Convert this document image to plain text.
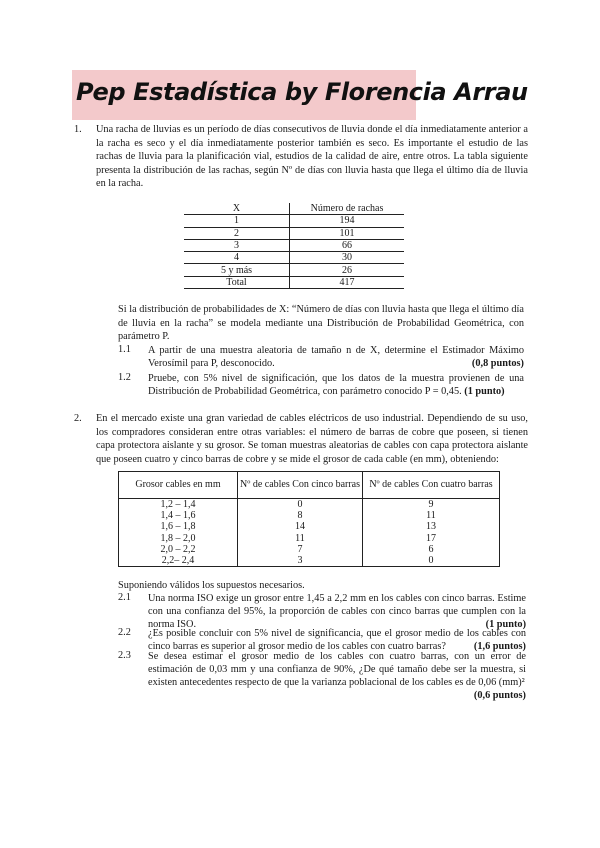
Pep Estadística by Florencia Arrau
1. Una racha de lluvias es un período de días consecutivos de lluvia donde el día inmediatamente anterior a la racha es seco y el día inmediatamente posterior también es seco. Es importante el estudio de las rachas de lluvia para la planificación vial, estudios de la calidad de aire, entre otros. La tabla siguiente presenta la distribución de las rachas, según Nº de días con lluvia hasta que llega el último día de lluvia en la racha.
X	Número de rachas
1	194
2	101
3	66
4	30
5 y más	26
Total	417
Si la distribución de probabilidades de X: “Número de días con lluvia hasta que llega el último día de lluvia en la racha” se modela mediante una Distribución de Probabilidad Geométrica, con parámetro P.
1.1 A partir de una muestra aleatoria de tamaño n de X, determine el Estimador Máximo Verosímil para P, desconocido.	(0,8 puntos)
1.2 Pruebe, con 5% nivel de significación, que los datos de la muestra provienen de una Distribución de Probabilidad Geométrica, con parámetro conocido P = 0,45. (1 punto)
2. En el mercado existe una gran variedad de cables eléctricos de uso industrial. Dependiendo de su uso, los compradores consideran entre otras variables: el número de barras de cobre que poseen, si tienen capa protectora aislante y su grosor. Se toman muestras aleatorias de cables con capa protectora aislante que poseen cuatro y cinco barras de cobre y se mide el grosor de cada cable (en mm), obteniendo:
Grosor cables en mm	Nº de cables Con cinco barras	Nº de cables Con cuatro barras
1,2 – 1,4	0	9
1,4 – 1,6	8	11
1,6 – 1,8	14	13
1,8 – 2,0	11	17
2,0 – 2,2	7	6
2,2– 2,4	3	0
Suponiendo válidos los supuestos necesarios.
2.1 Una norma ISO exige un grosor entre 1,45 a 2,2 mm en los cables con cinco barras. Estime con una confianza del 95%, la proporción de cables con cinco barras que cumplen con la norma ISO.	(1 punto)
2.2 ¿Es posible concluir con 5% nivel de significancia, que el grosor medio de los cables con cinco barras es superior al grosor medio de los cables con cuatro barras?	(1,6 puntos)
2.3 Se desea estimar el grosor medio de los cables con cuatro barras, con un error de estimación de 0,03 mm y una confianza de 90%, ¿De qué tamaño debe ser la muestra, si existen antecedentes respecto de que la varianza poblacional de los cables es de 0,06 (mm)²
(0,6 puntos)
